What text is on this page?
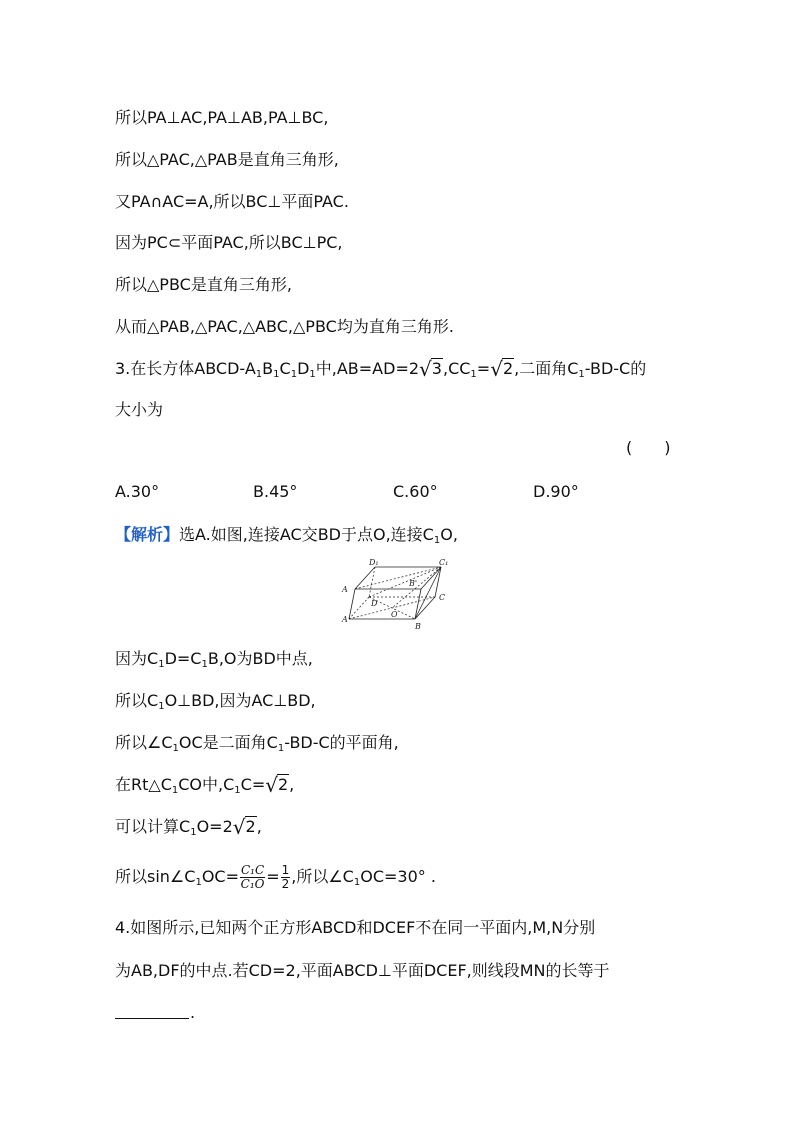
所以PA⊥AC,PA⊥AB,PA⊥BC,
所以△PAC,△PAB是直角三角形,
又PA∩AC=A,所以BC⊥平面PAC.
因为PC⊂平面PAC,所以BC⊥PC,
所以△PBC是直角三角形,
从而△PAB,△PAC,△ABC,△PBC均为直角三角形.
3.在长方体ABCD-$A_1B_1C_1D_1$中$,AB=AD=2√3,CC_1=√2$,二面角$C_1-BD-C$的
大小为
(　　)
A.30°	B.45°	C.60°	D.90°
【解析】选A.如图,连接AC交BD于点O,连接$C_1O$,
D₁	C₁
A
B'
D
C
O
A
B
因为$C_1D=C_1B,O$为BD中点,
所以$C_1O\perp BD$,因为AC⊥BD,
所以$\angle C_1OC$是二面角$C_1-BD-C$的平面角,
在$Rt\triangle C_1CO$中$,C_1C=√2$,
可以计算$C_1O=2√2$,
所以$\sin\angle C_1OC= \frac{\text{C₁C}}{\text{C₁O}} = \frac{1}{2}$ ,所以$\angle C_1OC=30^\circ$ .
4.如图所示,已知两个正方形ABCD和DCEF不在同一平面内,M,N分别
为AB,DF的中点.若CD=2,平面ABCD⊥平面DCEF,则线段MN的长等于
.
